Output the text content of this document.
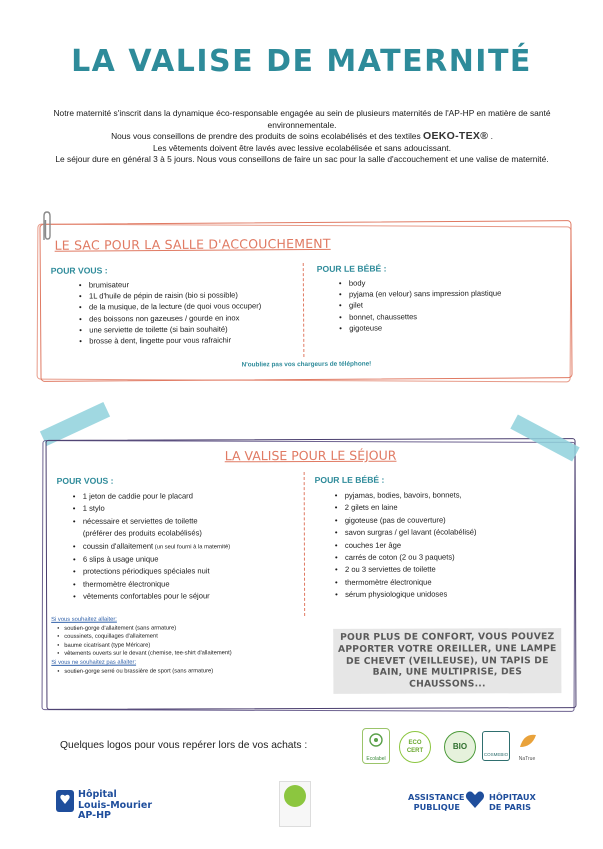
LA VALISE DE MATERNITÉ

Notre maternité s'inscrit dans la dynamique éco-responsable engagée au sein de plusieurs maternités de l'AP-HP en matière de santé environnementale.

Nous vous conseillons de prendre des produits de soins ecolabélisés et des textiles OEKO-TEX® .

Les vêtements doivent être lavés avec lessive ecolabélisée et sans adoucissant.

Le séjour dure en général 3 à 5 jours. Nous vous conseillons de faire un sac pour la salle d'accouchement et une valise de maternité.

LE SAC POUR LA SALLE D'ACCOUCHEMENT
POUR VOUS :
• brumisateur
• 1L d'huile de pépin de raisin (bio si possible)
• de la musique, de la lecture (de quoi vous occuper)
• des boissons non gazeuses / gourde en inox
• une serviette de toilette (si bain souhaité)
• brosse à dent, lingette pour vous rafraichir
POUR LE BÉBÉ :
• body
• pyjama (en velour) sans impression plastique
• gilet
• bonnet, chaussettes
• gigoteuse
N'oubliez pas vos chargeurs de téléphone!
LA VALISE POUR LE SÉJOUR
POUR VOUS :
• 1 jeton de caddie pour le placard
• 1 stylo
• nécessaire et serviettes de toilette
(préférer des produits ecolabélisés)
• coussin d'allaitement (un seul fourni à la maternité)
• 6 slips à usage unique
• protections périodiques spéciales nuit
• thermomètre électronique
• vêtements confortables pour le séjour
Si vous souhaitez allaiter:
• soutien-gorge d'allaitement (sans armature)
• coussinets, coquillages d'allaitement
• baume cicatrisant (type Méricare)
• vêtements ouverts sur le devant (chemise, tee-shirt d'allaitement)
Si vous ne souhaitez pas allaiter:
• soutien-gorge serré ou brassière de sport (sans armature)
POUR LE BÉBÉ :
• pyjamas, bodies, bavoirs, bonnets,
• 2 gilets en laine
• gigoteuse (pas de couverture)
• savon surgras / gel lavant (écolabélisé)
• couches 1er âge
• carrés de coton (2 ou 3 paquets)
• 2 ou 3 serviettes de toilette
• thermomètre électronique
• sérum physiologique unidoses
POUR PLUS DE CONFORT, VOUS POUVEZ APPORTER VOTRE OREILLER, UNE LAMPE DE CHEVET (VEILLEUSE), UN TAPIS DE BAIN, UNE MULTIPRISE, DES CHAUSSONS...
Quelques logos pour vous repérer lors de vos achats :
Ecolabel
ECO CERT	BIO
COSMEBIO
NaTrue
Hôpital
Louis-Mourier
AP-HP
ASSISTANCE
PUBLIQUE
HÔPITAUX
DE PARIS
